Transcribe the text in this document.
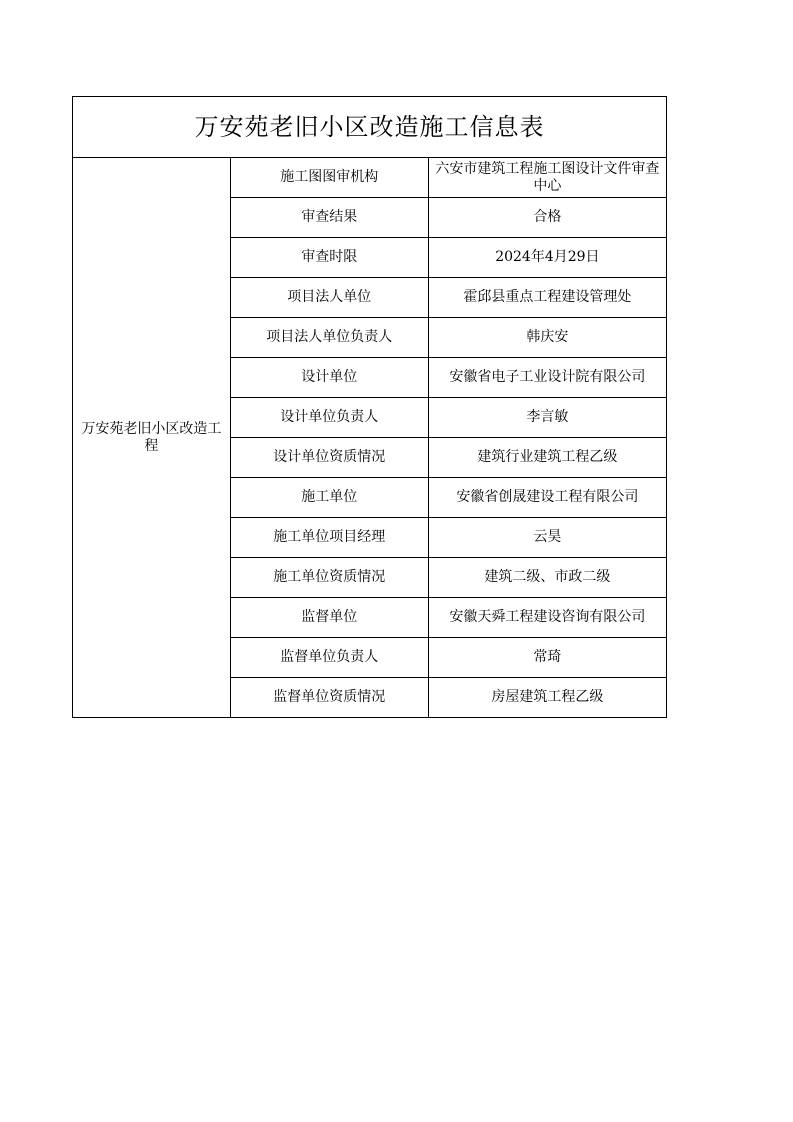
万安苑老旧小区改造施工信息表		
万安苑老旧小区改造工程	施工图图审机构	六安市建筑工程施工图设计文件审查中心
	审查结果	合格
	审查时限	2024年4月29日
	项目法人单位	霍邱县重点工程建设管理处
	项目法人单位负责人	韩庆安
	设计单位	安徽省电子工业设计院有限公司
	设计单位负责人	李言敏
	设计单位资质情况	建筑行业建筑工程乙级
	施工单位	安徽省创晟建设工程有限公司
	施工单位项目经理	云昊
	施工单位资质情况	建筑二级、市政二级
	监督单位	安徽天舜工程建设咨询有限公司
	监督单位负责人	常琦
	监督单位资质情况	房屋建筑工程乙级
